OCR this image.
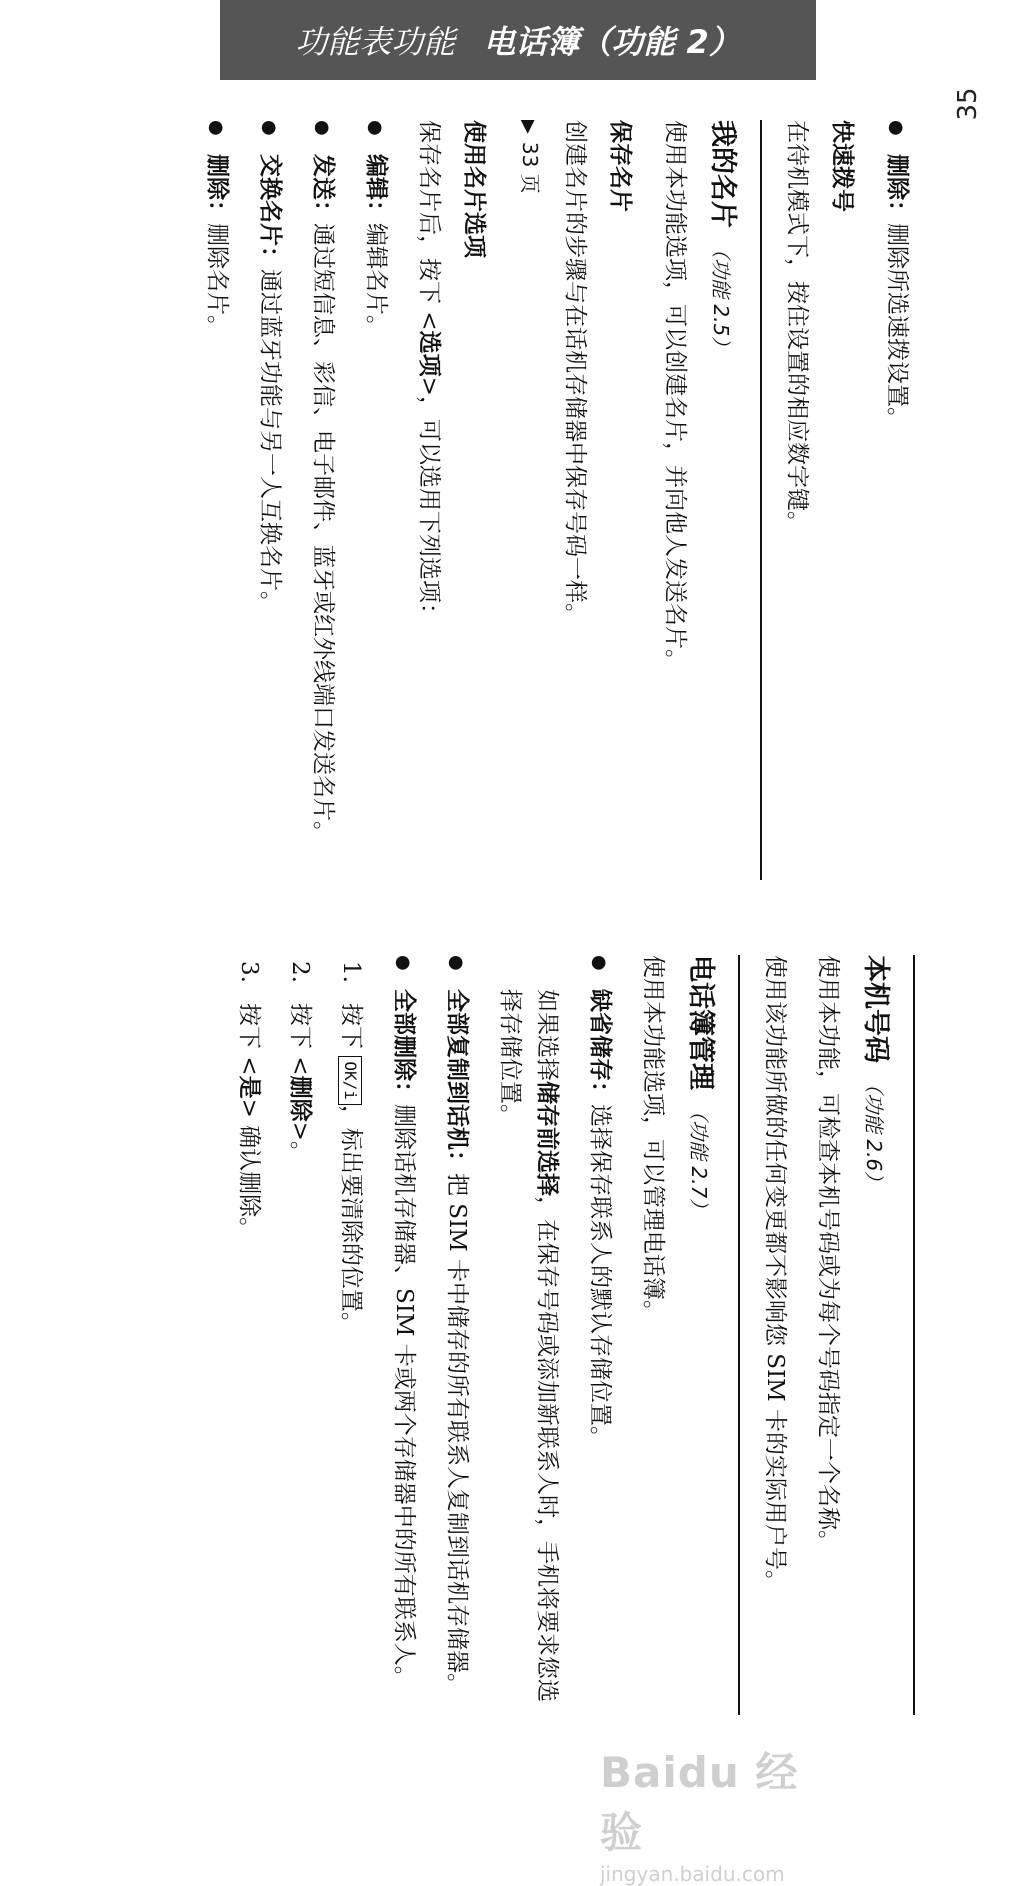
功能表功能 电话簿（功能 2）
35
● 删除：删除所选速拨设置。
快速拨号

在待机模式下，按住设置的相应数字键。

我的名片（功能 2.5）

使用本功能选项，可以创建名片，并向他人发送名片。

保存名片

创建名片的步骤与在话机存储器中保存号码一样。

▶33 页
使用名片选项

保存名片后，按下 <选项>，可以选用下列选项：

● 编辑：编辑名片。
● 发送：通过短信息、彩信、电子邮件、蓝牙或红外线端口发送名片。
● 交换名片：通过蓝牙功能与另一人互换名片。
● 删除：删除名片。
本机号码（功能 2.6）

使用本功能，可检查本机号码或为每个号码指定一个名称。

使用该功能所做的任何变更都不影响您 SIM 卡的实际用户号。

电话簿管理（功能 2.7）

使用本功能选项，可以管理电话簿。

● 缺省储存：选择保存联系人的默认存储位置。
如果选择储存前选择，在保存号码或添加新联系人时，手机将要求您选择存储位置。
● 全部复制到话机：把 SIM 卡中储存的所有联系人复制到话机存储器。
● 全部删除：删除话机存储器、SIM 卡或两个存储器中的所有联系人。
1.
按下 OK/i，标出要清除的位置。
2.
按下 <删除>。
3.
按下 <是> 确认删除。
Baidu 经验
jingyan.baidu.com
